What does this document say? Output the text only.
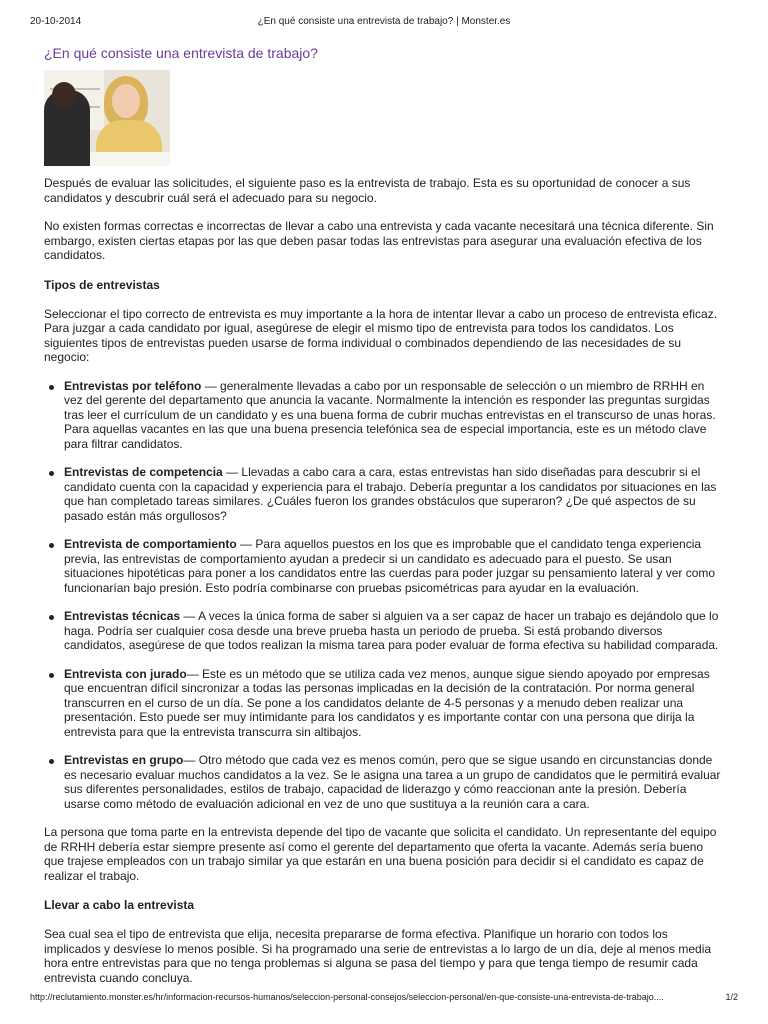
20-10-2014	¿En qué consiste una entrevista de trabajo? | Monster.es
¿En qué consiste una entrevista de trabajo?

Después de evaluar las solicitudes, el siguiente paso es la entrevista de trabajo. Esta es su oportunidad de conocer a sus candidatos y descubrir cuál será el adecuado para su negocio.

No existen formas correctas e incorrectas de llevar a cabo una entrevista y cada vacante necesitará una técnica diferente. Sin embargo, existen ciertas etapas por las que deben pasar todas las entrevistas para asegurar una evaluación efectiva de los candidatos.

Tipos de entrevistas

Seleccionar el tipo correcto de entrevista es muy importante a la hora de intentar llevar a cabo un proceso de entrevista eficaz. Para juzgar a cada candidato por igual, asegúrese de elegir el mismo tipo de entrevista para todos los candidatos. Los siguientes tipos de entrevistas pueden usarse de forma individual o combinados dependiendo de las necesidades de su negocio:

Entrevistas por teléfono — generalmente llevadas a cabo por un responsable de selección o un miembro de RRHH en vez del gerente del departamento que anuncia la vacante. Normalmente la intención es responder las preguntas surgidas tras leer el currículum de un candidato y es una buena forma de cubrir muchas entrevistas en el transcurso de unas horas. Para aquellas vacantes en las que una buena presencia telefónica sea de especial importancia, este es un método clave para filtrar candidatos.
Entrevistas de competencia — Llevadas a cabo cara a cara, estas entrevistas han sido diseñadas para descubrir si el candidato cuenta con la capacidad y experiencia para el trabajo. Debería preguntar a los candidatos por situaciones en las que han completado tareas similares. ¿Cuáles fueron los grandes obstáculos que superaron? ¿De qué aspectos de su pasado están más orgullosos?
Entrevista de comportamiento — Para aquellos puestos en los que es improbable que el candidato tenga experiencia previa, las entrevistas de comportamiento ayudan a predecir si un candidato es adecuado para el puesto. Se usan situaciones hipotéticas para poner a los candidatos entre las cuerdas para poder juzgar su pensamiento lateral y ver como funcionarían bajo presión. Esto podría combinarse con pruebas psicométricas para ayudar en la evaluación.
Entrevistas técnicas — A veces la única forma de saber si alguien va a ser capaz de hacer un trabajo es dejándolo que lo haga. Podría ser cualquier cosa desde una breve prueba hasta un periodo de prueba. Si está probando diversos candidatos, asegúrese de que todos realizan la misma tarea para poder evaluar de forma efectiva su habilidad comparada.
Entrevista con jurado— Este es un método que se utiliza cada vez menos, aunque sigue siendo apoyado por empresas que encuentran difícil sincronizar a todas las personas implicadas en la decisión de la contratación. Por norma general transcurren en el curso de un día. Se pone a los candidatos delante de 4-5 personas y a menudo deben realizar una presentación. Esto puede ser muy intimidante para los candidatos y es importante contar con una persona que dirija la entrevista para que la entrevista transcurra sin altibajos.
Entrevistas en grupo— Otro método que cada vez es menos común, pero que se sigue usando en circunstancias donde es necesario evaluar muchos candidatos a la vez. Se le asigna una tarea a un grupo de candidatos que le permitirá evaluar sus diferentes personalidades, estilos de trabajo, capacidad de liderazgo y cómo reaccionan ante la presión. Debería usarse como método de evaluación adicional en vez de uno que sustituya a la reunión cara a cara.

La persona que toma parte en la entrevista depende del tipo de vacante que solicita el candidato. Un representante del equipo de RRHH debería estar siempre presente así como el gerente del departamento que oferta la vacante. Además sería bueno que trajese empleados con un trabajo similar ya que estarán en una buena posición para decidir si el candidato es capaz de realizar el trabajo.

Llevar a cabo la entrevista

Sea cual sea el tipo de entrevista que elija, necesita prepararse de forma efectiva. Planifique un horario con todos los implicados y desvíese lo menos posible. Si ha programado una serie de entrevistas a lo largo de un día, deje al menos media hora entre entrevistas para que no tenga problemas si alguna se pasa del tiempo y para que tenga tiempo de resumir cada entrevista cuando concluya.

http://reclutamiento.monster.es/hr/informacion-recursos-humanos/seleccion-personal-consejos/seleccion-personal/en-que-consiste-una-entrevista-de-trabajo....	1/2
